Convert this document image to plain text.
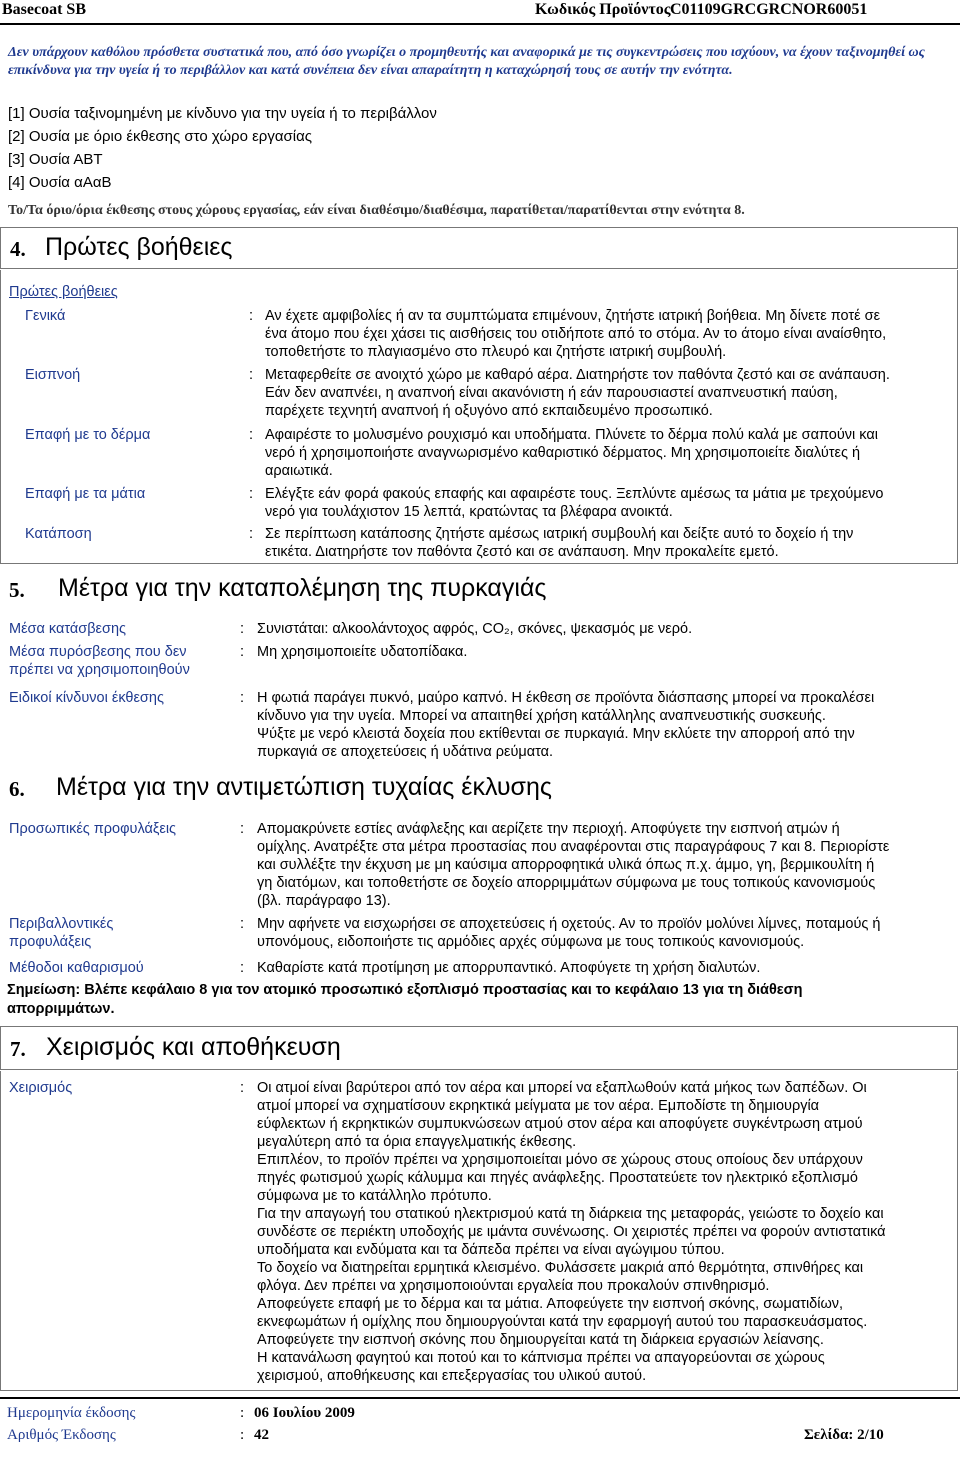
Basecoat SB	Κωδικός Προϊόντος C01109GRCGRCNOR60051
Δεν υπάρχουν καθόλου πρόσθετα συστατικά που, από όσο γνωρίζει ο προμηθευτής και αναφορικά με τις συγκεντρώσεις που ισχύουν, να έχουν ταξινομηθεί ως επικίνδυνα για την υγεία ή το περιβάλλον και κατά συνέπεια δεν είναι απαραίτητη η καταχώρησή τους σε αυτήν την ενότητα.
[1] Ουσία ταξινομημένη με κίνδυνο για την υγεία ή το περιβάλλον
[2] Ουσία με όριο έκθεσης στο χώρο εργασίας
[3] Ουσία ΑΒΤ
[4] Ουσία αΑαΒ
Το/Τα όριο/όρια έκθεσης στους χώρους εργασίας, εάν είναι διαθέσιμο/διαθέσιμα, παρατίθεται/παρατίθενται στην ενότητα 8.
4. Πρώτες βοήθειες
Πρώτες βοήθειες
Γενικά	: Αν έχετε αμφιβολίες ή αν τα συμπτώματα επιμένουν, ζητήστε ιατρική βοήθεια. Μη δίνετε ποτέ σε
ένα άτομο που έχει χάσει τις αισθήσεις του οτιδήποτε από το στόμα. Αν το άτομο είναι αναίσθητο,
τοποθετήστε το πλαγιασμένο στο πλευρό και ζητήστε ιατρική συμβουλή.
Εισπνοή	: Μεταφερθείτε σε ανοιχτό χώρο με καθαρό αέρα. Διατηρήστε τον παθόντα ζεστό και σε ανάπαυση.
Εάν δεν αναπνέει, η αναπνοή είναι ακανόνιστη ή εάν παρουσιαστεί αναπνευστική παύση,
παρέχετε τεχνητή αναπνοή ή οξυγόνο από εκπαιδευμένο προσωπικό.
Επαφή με το δέρμα	: Αφαιρέστε το μολυσμένο ρουχισμό και υποδήματα. Πλύνετε το δέρμα πολύ καλά με σαπούνι και
νερό ή χρησιμοποιήστε αναγνωρισμένο καθαριστικό δέρματος. Μη χρησιμοποιείτε διαλύτες ή
αραιωτικά.
Επαφή με τα μάτια	: Ελέγξτε εάν φορά φακούς επαφής και αφαιρέστε τους. Ξεπλύντε αμέσως τα μάτια με τρεχούμενο
νερό για τουλάχιστον 15 λεπτά, κρατώντας τα βλέφαρα ανοικτά.
Κατάποση	: Σε περίπτωση κατάποσης ζητήστε αμέσως ιατρική συμβουλή και δείξτε αυτό το δοχείο ή την
ετικέτα. Διατηρήστε τον παθόντα ζεστό και σε ανάπαυση. Μην προκαλείτε εμετό.
5. Μέτρα για την καταπολέμηση της πυρκαγιάς
Μέσα κατάσβεσης	: Συνιστάται: αλκοολάντοχος αφρός, CO₂, σκόνες, ψεκασμός με νερό.
Μέσα πυρόσβεσης που δεν
πρέπει να χρησιμοποιηθούν
: Μη χρησιμοποιείτε υδατοπίδακα.
Ειδικοί κίνδυνοι έκθεσης	: Η φωτιά παράγει πυκνό, μαύρο καπνό. Η έκθεση σε προϊόντα διάσπασης μπορεί να προκαλέσει
κίνδυνο για την υγεία. Μπορεί να απαιτηθεί χρήση κατάλληλης αναπνευστικής συσκευής.
Ψύξτε με νερό κλειστά δοχεία που εκτίθενται σε πυρκαγιά. Μην εκλύετε την απορροή από την
πυρκαγιά σε αποχετεύσεις ή υδάτινα ρεύματα.
6. Μέτρα για την αντιμετώπιση τυχαίας έκλυσης
Προσωπικές προφυλάξεις	: Απομακρύνετε εστίες ανάφλεξης και αερίζετε την περιοχή. Αποφύγετε την εισπνοή ατμών ή
ομίχλης. Ανατρέξτε στα μέτρα προστασίας που αναφέρονται στις παραγράφους 7 και 8. Περιορίστε
και συλλέξτε την έκχυση με μη καύσιμα απορροφητικά υλικά όπως π.χ. άμμο, γη, βερμικουλίτη ή
γη διατόμων, και τοποθετήστε σε δοχείο απορριμμάτων σύμφωνα με τους τοπικούς κανονισμούς
(βλ. παράγραφο 13).
Περιβαλλοντικές
προφυλάξεις
: Μην αφήνετε να εισχωρήσει σε αποχετεύσεις ή οχετούς. Αν το προϊόν μολύνει λίμνες, ποταμούς ή
υπονόμους, ειδοποιήστε τις αρμόδιες αρχές σύμφωνα με τους τοπικούς κανονισμούς.
Μέθοδοι καθαρισμού	: Καθαρίστε κατά προτίμηση με απορρυπαντικό. Αποφύγετε τη χρήση διαλυτών.
Σημείωση: Βλέπε κεφάλαιο 8 για τον ατομικό προσωπικό εξοπλισμό προστασίας και το κεφάλαιο 13 για τη διάθεση
απορριμμάτων.
7. Χειρισμός και αποθήκευση
Χειρισμός	: Οι ατμοί είναι βαρύτεροι από τον αέρα και μπορεί να εξαπλωθούν κατά μήκος των δαπέδων. Οι
ατμοί μπορεί να σχηματίσουν εκρηκτικά μείγματα με τον αέρα. Εμποδίστε τη δημιουργία
εύφλεκτων ή εκρηκτικών συμπυκνώσεων ατμού στον αέρα και αποφύγετε συγκέντρωση ατμού
μεγαλύτερη από τα όρια επαγγελματικής έκθεσης.
Επιπλέον, το προϊόν πρέπει να χρησιμοποιείται μόνο σε χώρους στους οποίους δεν υπάρχουν
πηγές φωτισμού χωρίς κάλυμμα και πηγές ανάφλεξης. Προστατεύετε τον ηλεκτρικό εξοπλισμό
σύμφωνα με το κατάλληλο πρότυπο.
Για την απαγωγή του στατικού ηλεκτρισμού κατά τη διάρκεια της μεταφοράς, γειώστε το δοχείο και
συνδέστε σε περιέκτη υποδοχής με ιμάντα συνένωσης. Οι χειριστές πρέπει να φορούν αντιστατικά
υποδήματα και ενδύματα και τα δάπεδα πρέπει να είναι αγώγιμου τύπου.
Το δοχείο να διατηρείται ερμητικά κλεισμένο. Φυλάσσετε μακριά από θερμότητα, σπινθήρες και
φλόγα. Δεν πρέπει να χρησιμοποιούνται εργαλεία που προκαλούν σπινθηρισμό.
Αποφεύγετε επαφή με το δέρμα και τα μάτια. Αποφεύγετε την εισπνοή σκόνης, σωματιδίων,
εκνεφωμάτων ή ομίχλης που δημιουργούνται κατά την εφαρμογή αυτού του παρασκευάσματος.
Αποφεύγετε την εισπνοή σκόνης που δημιουργείται κατά τη διάρκεια εργασιών λείανσης.
Η κατανάλωση φαγητού και ποτού και το κάπνισμα πρέπει να απαγορεύονται σε χώρους
χειρισμού, αποθήκευσης και επεξεργασίας του υλικού αυτού.
Ημερομηνία έκδοσης	: 06 Ιουλίου 2009
Αριθμός Έκδοσης	: 42	Σελίδα: 2/10
